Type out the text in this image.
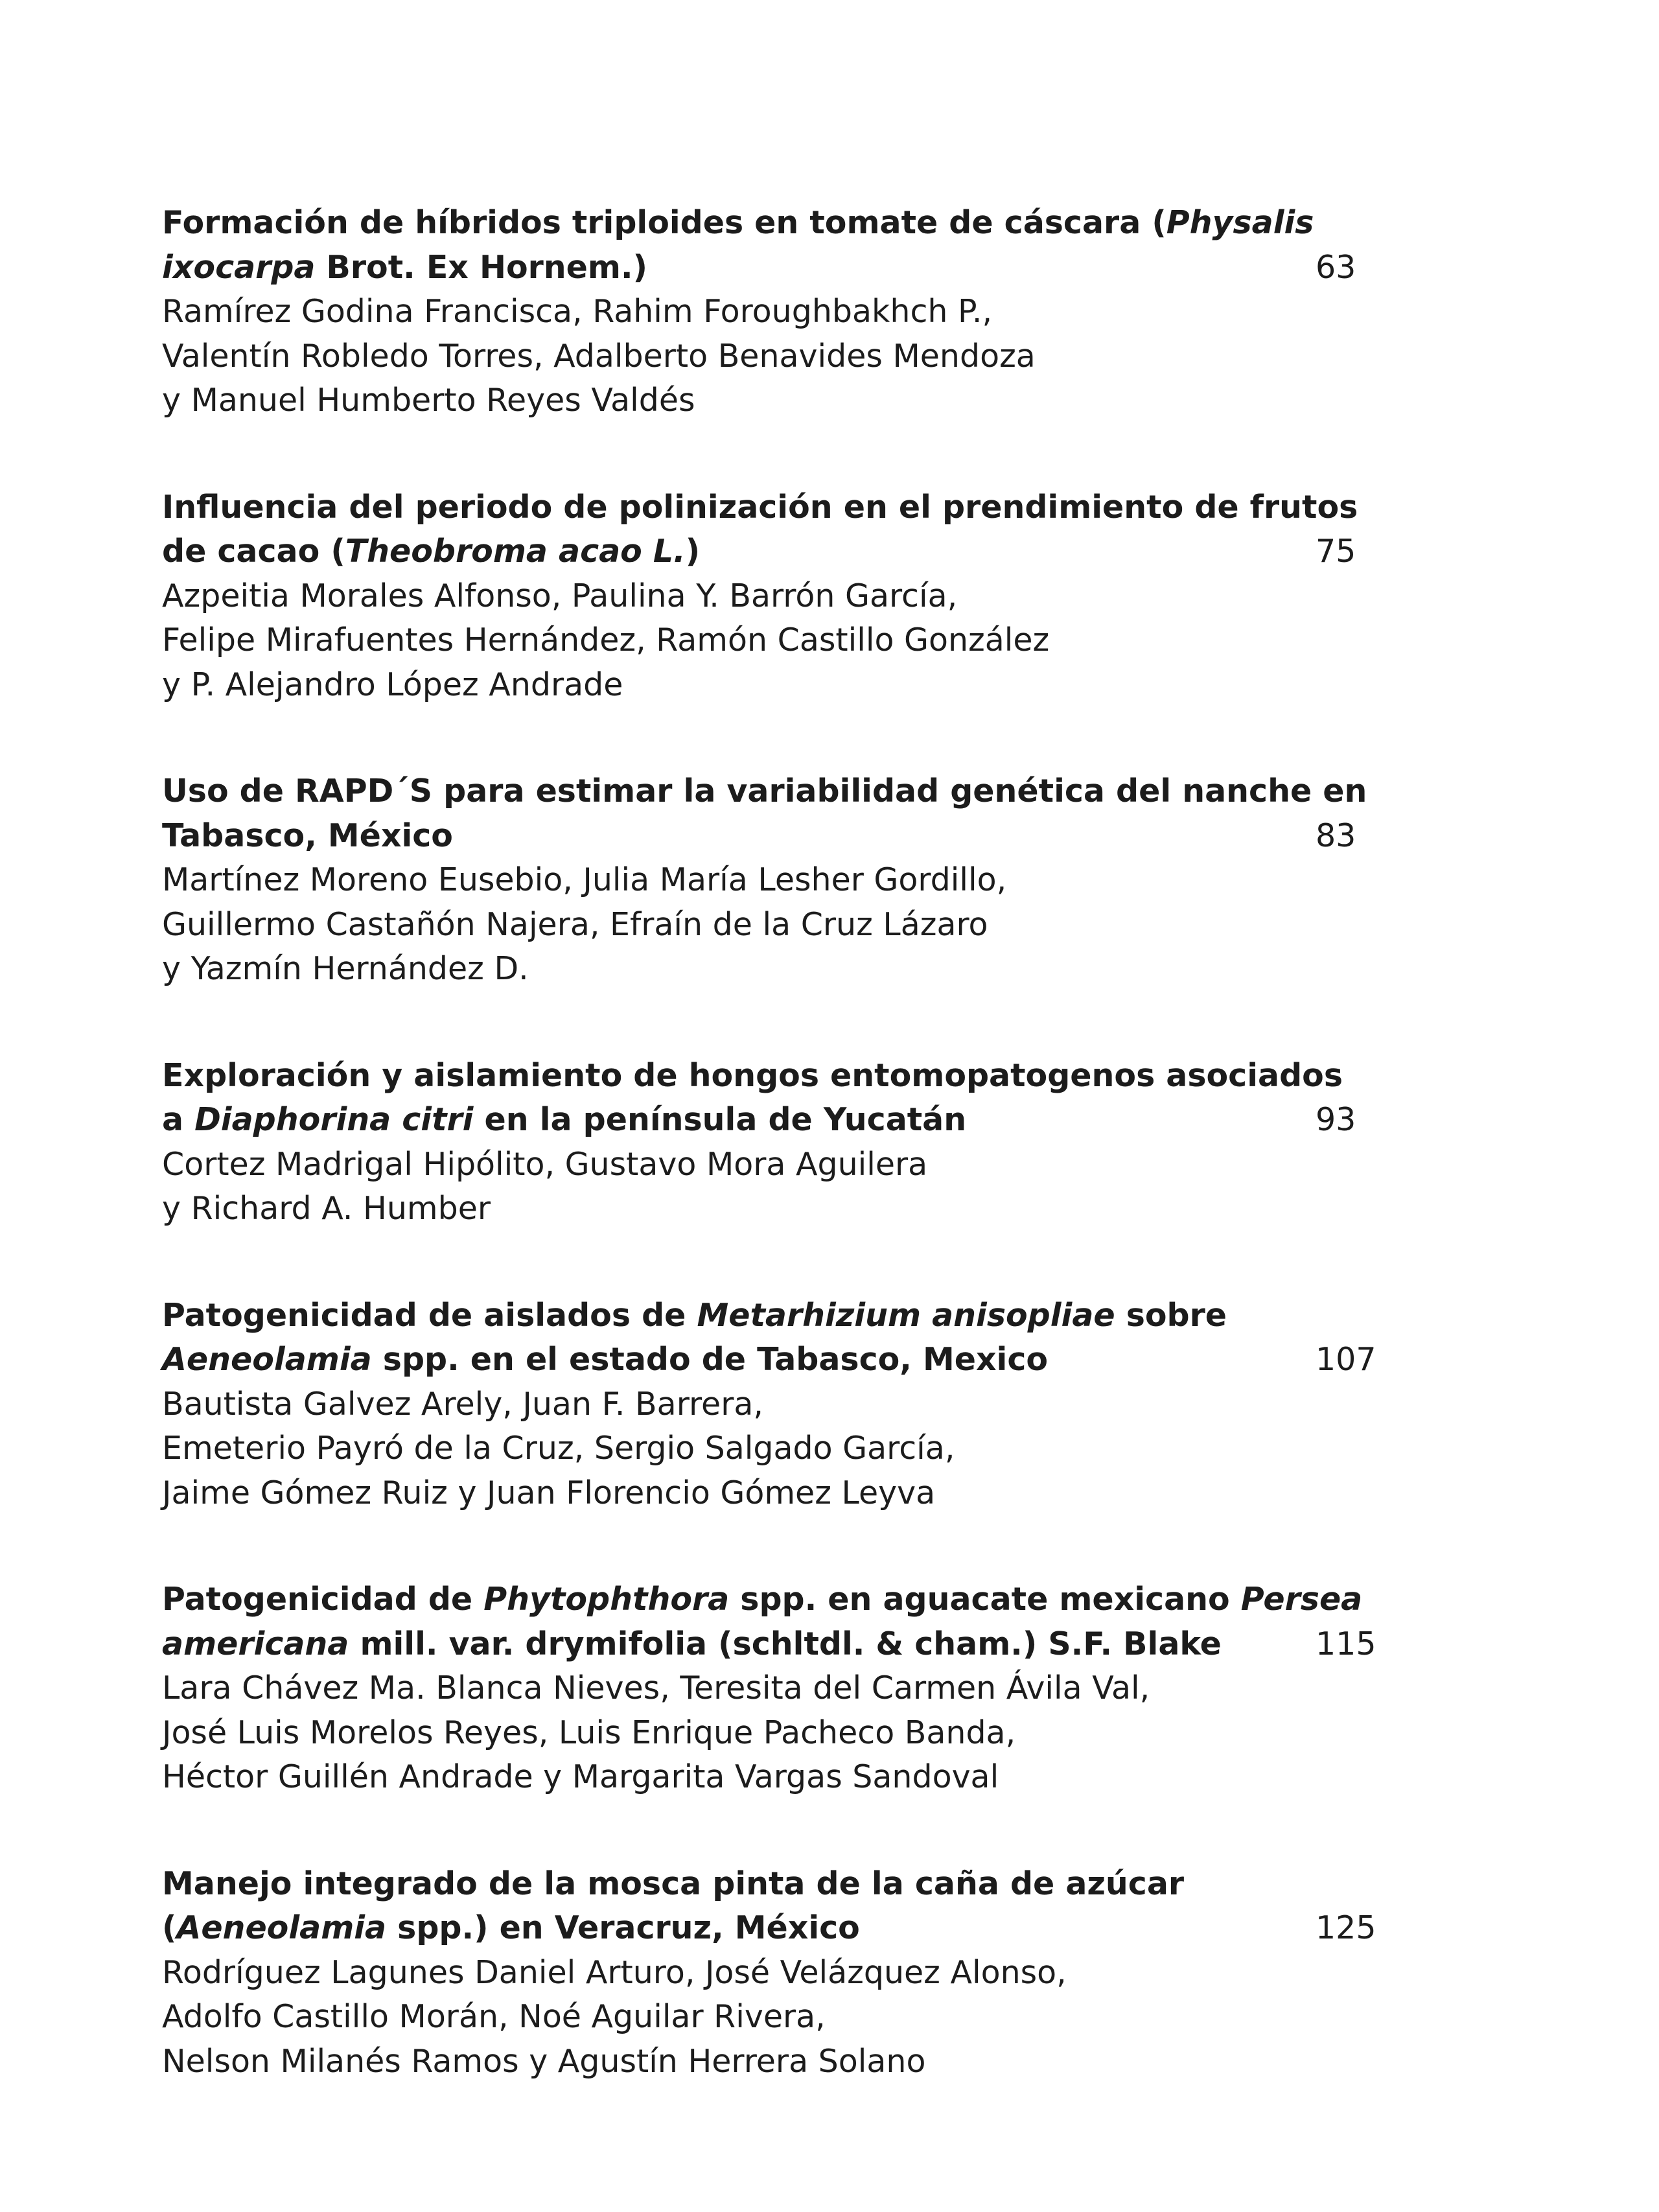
Formación de híbridos triploides en tomate de cáscara (Physalis
ixocarpa Brot. Ex Hornem.)	63
Ramírez Godina Francisca, Rahim Foroughbakhch P.,
Valentín Robledo Torres, Adalberto Benavides Mendoza
y Manuel Humberto Reyes Valdés
Influencia del periodo de polinización en el prendimiento de frutos
de cacao (Theobroma acao L.)	75
Azpeitia Morales Alfonso, Paulina Y. Barrón García,
Felipe Mirafuentes Hernández, Ramón Castillo González
y P. Alejandro López Andrade
Uso de RAPD´S para estimar la variabilidad genética del nanche en
Tabasco, México	83
Martínez Moreno Eusebio, Julia María Lesher Gordillo,
Guillermo Castañón Najera, Efraín de la Cruz Lázaro
y Yazmín Hernández D.
Exploración y aislamiento de hongos entomopatogenos asociados
a Diaphorina citri en la península de Yucatán	93
Cortez Madrigal Hipólito, Gustavo Mora Aguilera
y Richard A. Humber
Patogenicidad de aislados de Metarhizium anisopliae sobre
Aeneolamia spp. en el estado de Tabasco, Mexico	107
Bautista Galvez Arely, Juan F. Barrera,
Emeterio Payró de la Cruz, Sergio Salgado García,
Jaime Gómez Ruiz y Juan Florencio Gómez Leyva
Patogenicidad de Phytophthora spp. en aguacate mexicano Persea
americana mill. var. drymifolia (schltdl. & cham.) S.F. Blake	115
Lara Chávez Ma. Blanca Nieves, Teresita del Carmen Ávila Val,
José Luis Morelos Reyes, Luis Enrique Pacheco Banda,
Héctor Guillén Andrade y Margarita Vargas Sandoval
Manejo integrado de la mosca pinta de la caña de azúcar
(Aeneolamia spp.) en Veracruz, México	125
Rodríguez Lagunes Daniel Arturo, José Velázquez Alonso,
Adolfo Castillo Morán, Noé Aguilar Rivera,
Nelson Milanés Ramos y Agustín Herrera Solano
